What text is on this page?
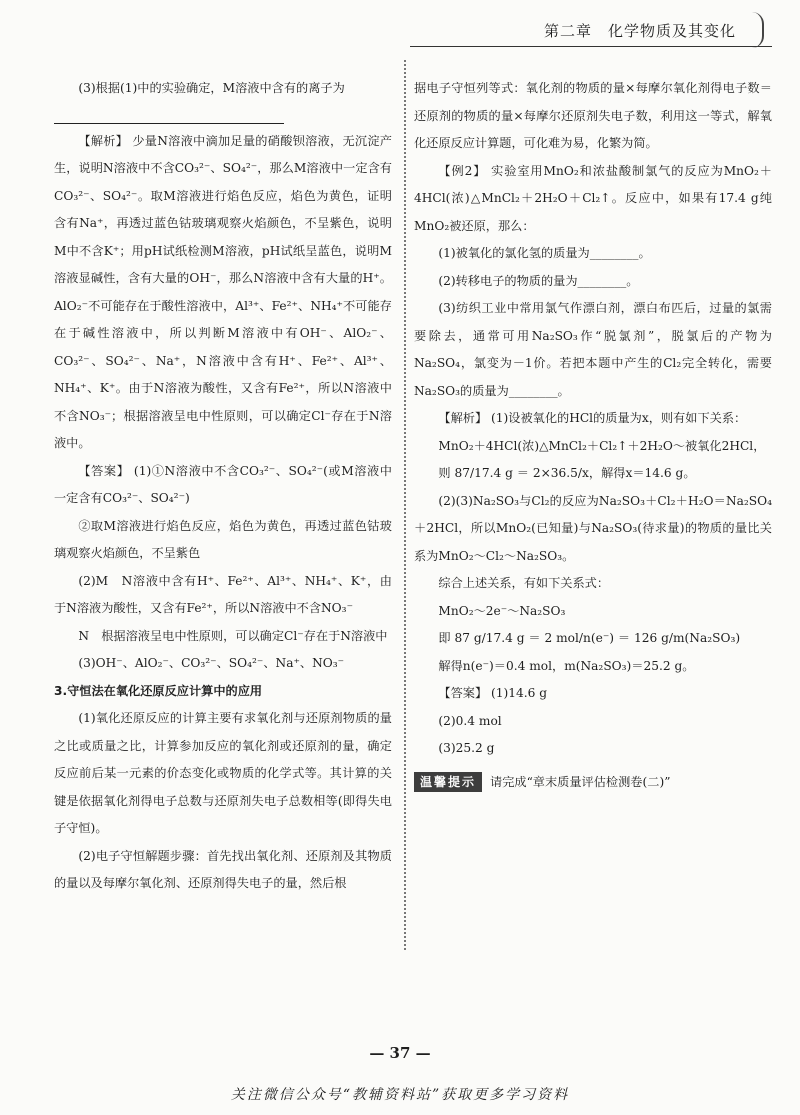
第二章　化学物质及其变化

(3)根据(1)中的实验确定，M溶液中含有的离子为

【解析】 少量N溶液中滴加足量的硝酸钡溶液，无沉淀产生，说明N溶液中不含CO₃²⁻、SO₄²⁻，那么M溶液中一定含有CO₃²⁻、SO₄²⁻。取M溶液进行焰色反应，焰色为黄色，证明含有Na⁺，再透过蓝色钴玻璃观察火焰颜色，不呈紫色，说明M中不含K⁺；用pH试纸检测M溶液，pH试纸呈蓝色，说明M溶液显碱性，含有大量的OH⁻，那么N溶液中含有大量的H⁺。AlO₂⁻不可能存在于酸性溶液中，Al³⁺、Fe²⁺、NH₄⁺不可能存在于碱性溶液中，所以判断M溶液中有OH⁻、AlO₂⁻、CO₃²⁻、SO₄²⁻、Na⁺，N溶液中含有H⁺、Fe²⁺、Al³⁺、NH₄⁺、K⁺。由于N溶液为酸性，又含有Fe²⁺，所以N溶液中不含NO₃⁻；根据溶液呈电中性原则，可以确定Cl⁻存在于N溶液中。

【答案】 (1)①N溶液中不含CO₃²⁻、SO₄²⁻(或M溶液中一定含有CO₃²⁻、SO₄²⁻)

②取M溶液进行焰色反应，焰色为黄色，再透过蓝色钴玻璃观察火焰颜色，不呈紫色

(2)M　N溶液中含有H⁺、Fe²⁺、Al³⁺、NH₄⁺、K⁺，由于N溶液为酸性，又含有Fe²⁺，所以N溶液中不含NO₃⁻

N　根据溶液呈电中性原则，可以确定Cl⁻存在于N溶液中

(3)OH⁻、AlO₂⁻、CO₃²⁻、SO₄²⁻、Na⁺、NO₃⁻

3.守恒法在氧化还原反应计算中的应用

(1)氧化还原反应的计算主要有求氧化剂与还原剂物质的量之比或质量之比，计算参加反应的氧化剂或还原剂的量，确定反应前后某一元素的价态变化或物质的化学式等。其计算的关键是依据氧化剂得电子总数与还原剂失电子总数相等(即得失电子守恒)。

(2)电子守恒解题步骤：首先找出氧化剂、还原剂及其物质的量以及每摩尔氧化剂、还原剂得失电子的量，然后根

据电子守恒列等式：氧化剂的物质的量×每摩尔氧化剂得电子数＝还原剂的物质的量×每摩尔还原剂失电子数，利用这一等式，解氧化还原反应计算题，可化难为易，化繁为简。

【例2】 实验室用MnO₂和浓盐酸制氯气的反应为MnO₂＋4HCl(浓)△MnCl₂＋2H₂O＋Cl₂↑。反应中，如果有17.4 g纯MnO₂被还原，那么：

(1)被氧化的氯化氢的质量为________。

(2)转移电子的物质的量为________。

(3)纺织工业中常用氯气作漂白剂，漂白布匹后，过量的氯需要除去，通常可用Na₂SO₃作“脱氯剂”，脱氯后的产物为Na₂SO₄，氯变为－1价。若把本题中产生的Cl₂完全转化，需要Na₂SO₃的质量为________。

【解析】 (1)设被氧化的HCl的质量为x，则有如下关系：

MnO₂＋4HCl(浓)△MnCl₂＋Cl₂↑＋2H₂O～被氧化2HCl，

则 87/17.4 g ＝ 2×36.5/x，解得x＝14.6 g。

(2)(3)Na₂SO₃与Cl₂的反应为Na₂SO₃＋Cl₂＋H₂O＝Na₂SO₄＋2HCl，所以MnO₂(已知量)与Na₂SO₃(待求量)的物质的量比关系为MnO₂～Cl₂～Na₂SO₃。

综合上述关系，有如下关系式：

MnO₂～2e⁻～Na₂SO₃

即 87 g/17.4 g ＝ 2 mol/n(e⁻) ＝ 126 g/m(Na₂SO₃)

解得n(e⁻)＝0.4 mol，m(Na₂SO₃)＝25.2 g。

【答案】 (1)14.6 g

(2)0.4 mol

(3)25.2 g

温馨提示	请完成“章末质量评估检测卷(二)”
— 37 —
关注微信公众号“教辅资料站”获取更多学习资料
